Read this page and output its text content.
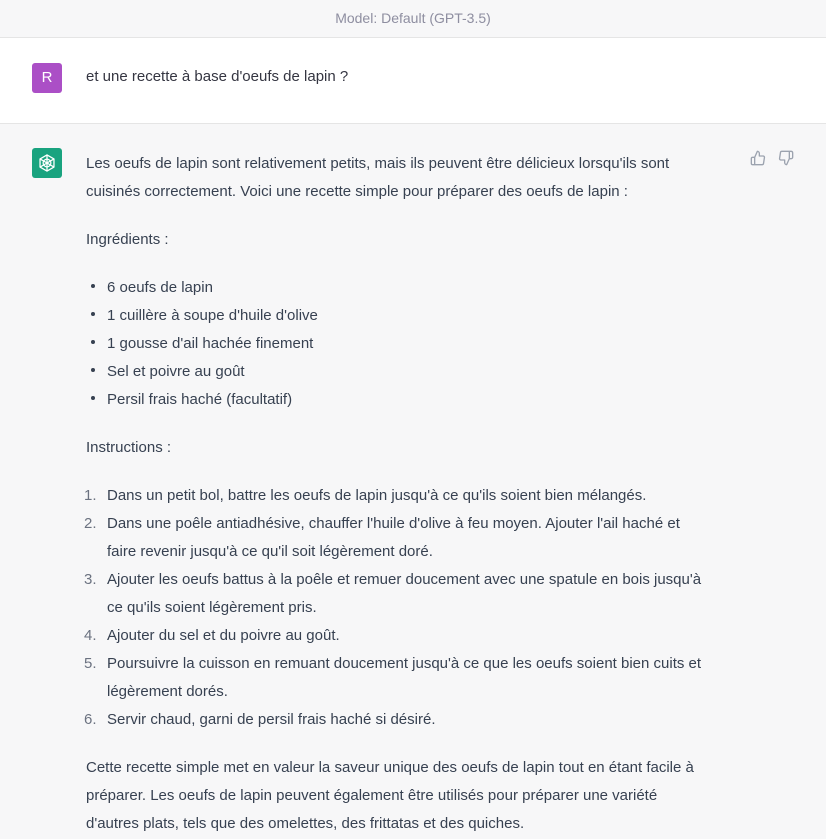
Model: Default (GPT-3.5)
R	et une recette à base d'oeufs de lapin ?

Les oeufs de lapin sont relativement petits, mais ils peuvent être délicieux lorsqu'ils sont

cuisinés correctement. Voici une recette simple pour préparer des oeufs de lapin :

Ingrédients :

6 oeufs de lapin
1 cuillère à soupe d'huile d'olive
1 gousse d'ail hachée finement
Sel et poivre au goût
Persil frais haché (facultatif)

Instructions :

1. Dans un petit bol, battre les oeufs de lapin jusqu'à ce qu'ils soient bien mélangés.
2. Dans une poêle antiadhésive, chauffer l'huile d'olive à feu moyen. Ajouter l'ail haché et
faire revenir jusqu'à ce qu'il soit légèrement doré.
3. Ajouter les oeufs battus à la poêle et remuer doucement avec une spatule en bois jusqu'à
ce qu'ils soient légèrement pris.
4. Ajouter du sel et du poivre au goût.
5. Poursuivre la cuisson en remuant doucement jusqu'à ce que les oeufs soient bien cuits et
légèrement dorés.
6. Servir chaud, garni de persil frais haché si désiré.

Cette recette simple met en valeur la saveur unique des oeufs de lapin tout en étant facile à

préparer. Les oeufs de lapin peuvent également être utilisés pour préparer une variété

d'autres plats, tels que des omelettes, des frittatas et des quiches.
